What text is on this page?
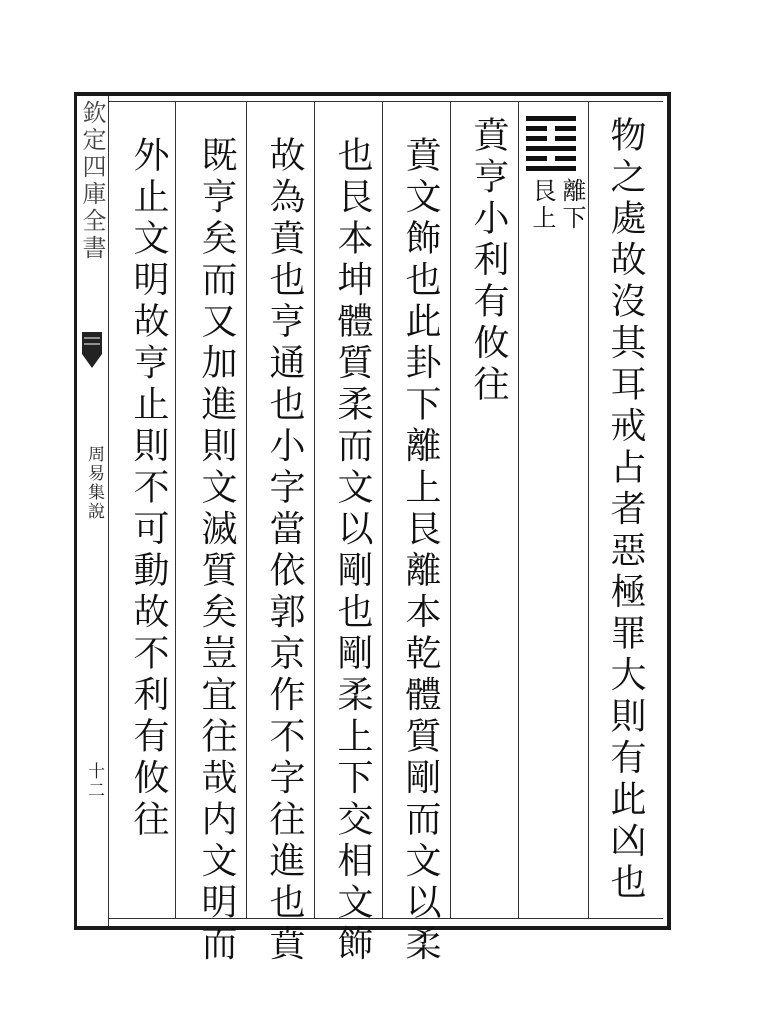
欽定四庫全書
周易集說
十二	物之處故沒其耳戒占者惡極罪大則有此凶也
離下
艮上
賁亨小利有攸往
賁文飾也此卦下離上艮離本乾體質剛而文以柔
也艮本坤體質柔而文以剛也剛柔上下交相文飾
故為賁也亨通也小字當依郭京作不字往進也賁
既亨矣而又加進則文滅質矣豈宜往哉内文明而
外止文明故亨止則不可動故不利有攸往
